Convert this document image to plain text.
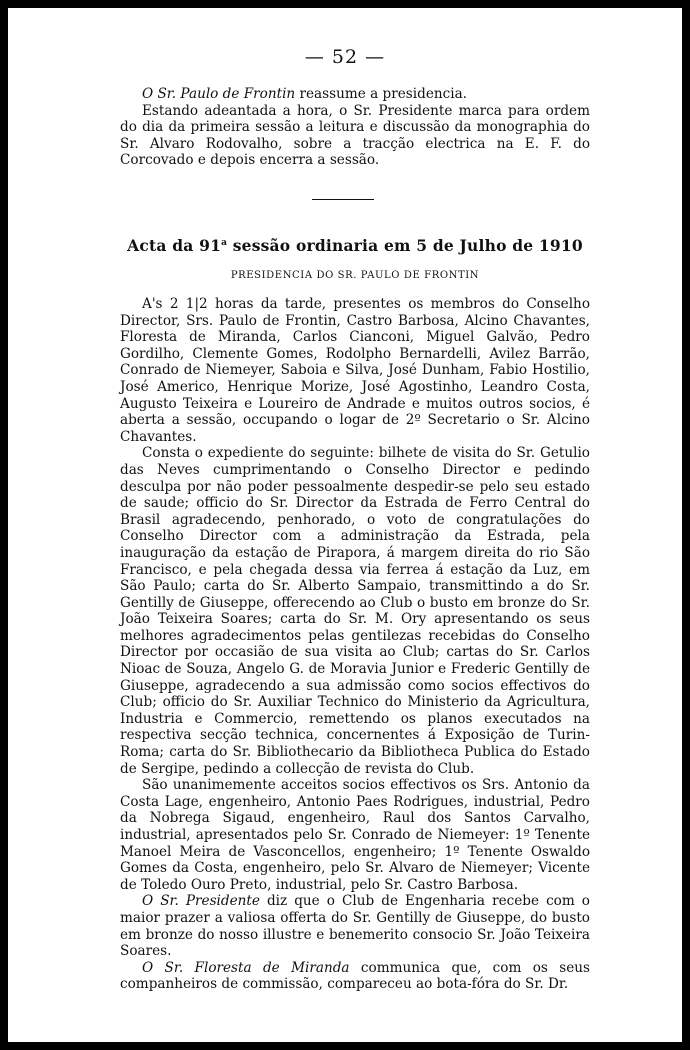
— 52 —

O Sr. Paulo de Frontin reassume a presidencia.

Estando adeantada a hora, o Sr. Presidente marca para ordem do dia da primeira sessão a leitura e discussão da monographia do Sr. Alvaro Rodovalho, sobre a tracção electrica na E. F. do Corcovado e depois encerra a sessão.

Acta da 91$^a$ sessão ordinaria em 5 de Julho de 1910
PRESIDENCIA DO SR. PAULO DE FRONTIN

A's 2 1|2 horas da tarde, presentes os membros do Conselho Director, Srs. Paulo de Frontin, Castro Barbosa, Alcino Chavantes, Floresta de Miranda, Carlos Cianconi, Miguel Galvão, Pedro Gordilho, Clemente Gomes, Rodolpho Bernardelli, Avilez Barrão, Conrado de Niemeyer, Saboia e Silva, José Dunham, Fabio Hostilio, José Americo, Henrique Morize, José Agostinho, Leandro Costa, Augusto Teixeira e Loureiro de Andrade e muitos outros socios, é aberta a sessão, occupando o logar de 2º Secretario o Sr. Alcino Chavantes.

Consta o expediente do seguinte: bilhete de visita do Sr. Getulio das Neves cumprimentando o Conselho Director e pedindo desculpa por não poder pessoalmente despedir-se pelo seu estado de saude; officio do Sr. Director da Estrada de Ferro Central do Brasil agradecendo, penhorado, o voto de congratulações do Conselho Director com a administração da Estrada, pela inauguração da estação de Pirapora, á margem direita do rio São Francisco, e pela chegada dessa via ferrea á estação da Luz, em São Paulo; carta do Sr. Alberto Sampaio, transmittindo a do Sr. Gentilly de Giuseppe, offerecendo ao Club o busto em bronze do Sr. João Teixeira Soares; carta do Sr. M. Ory apresentando os seus melhores agradecimentos pelas gentilezas recebidas do Conselho Director por occasião de sua visita ao Club; cartas do Sr. Carlos Nioac de Souza, Angelo G. de Moravia Junior e Frederic Gentilly de Giuseppe, agradecendo a sua admissão como socios effectivos do Club; officio do Sr. Auxiliar Technico do Ministerio da Agricultura, Industria e Commercio, remettendo os planos executados na respectiva secção technica, concernentes á Exposição de Turin-Roma; carta do Sr. Bibliothecario da Bibliotheca Publica do Estado de Sergipe, pedindo a collecção de revista do Club.

São unanimemente acceitos socios effectivos os Srs. Antonio da Costa Lage, engenheiro, Antonio Paes Rodrigues, industrial, Pedro da Nobrega Sigaud, engenheiro, Raul dos Santos Carvalho, industrial, apresentados pelo Sr. Conrado de Niemeyer: 1º Tenente Manoel Meira de Vasconcellos, engenheiro; 1º Tenente Oswaldo Gomes da Costa, engenheiro, pelo Sr. Alvaro de Niemeyer; Vicente de Toledo Ouro Preto, industrial, pelo Sr. Castro Barbosa.

O Sr. Presidente diz que o Club de Engenharia recebe com o maior prazer a valiosa offerta do Sr. Gentilly de Giuseppe, do busto em bronze do nosso illustre e benemerito consocio Sr. João Teixeira Soares.

O Sr. Floresta de Miranda communica que, com os seus companheiros de commissão, compareceu ao bota-fóra do Sr. Dr.
